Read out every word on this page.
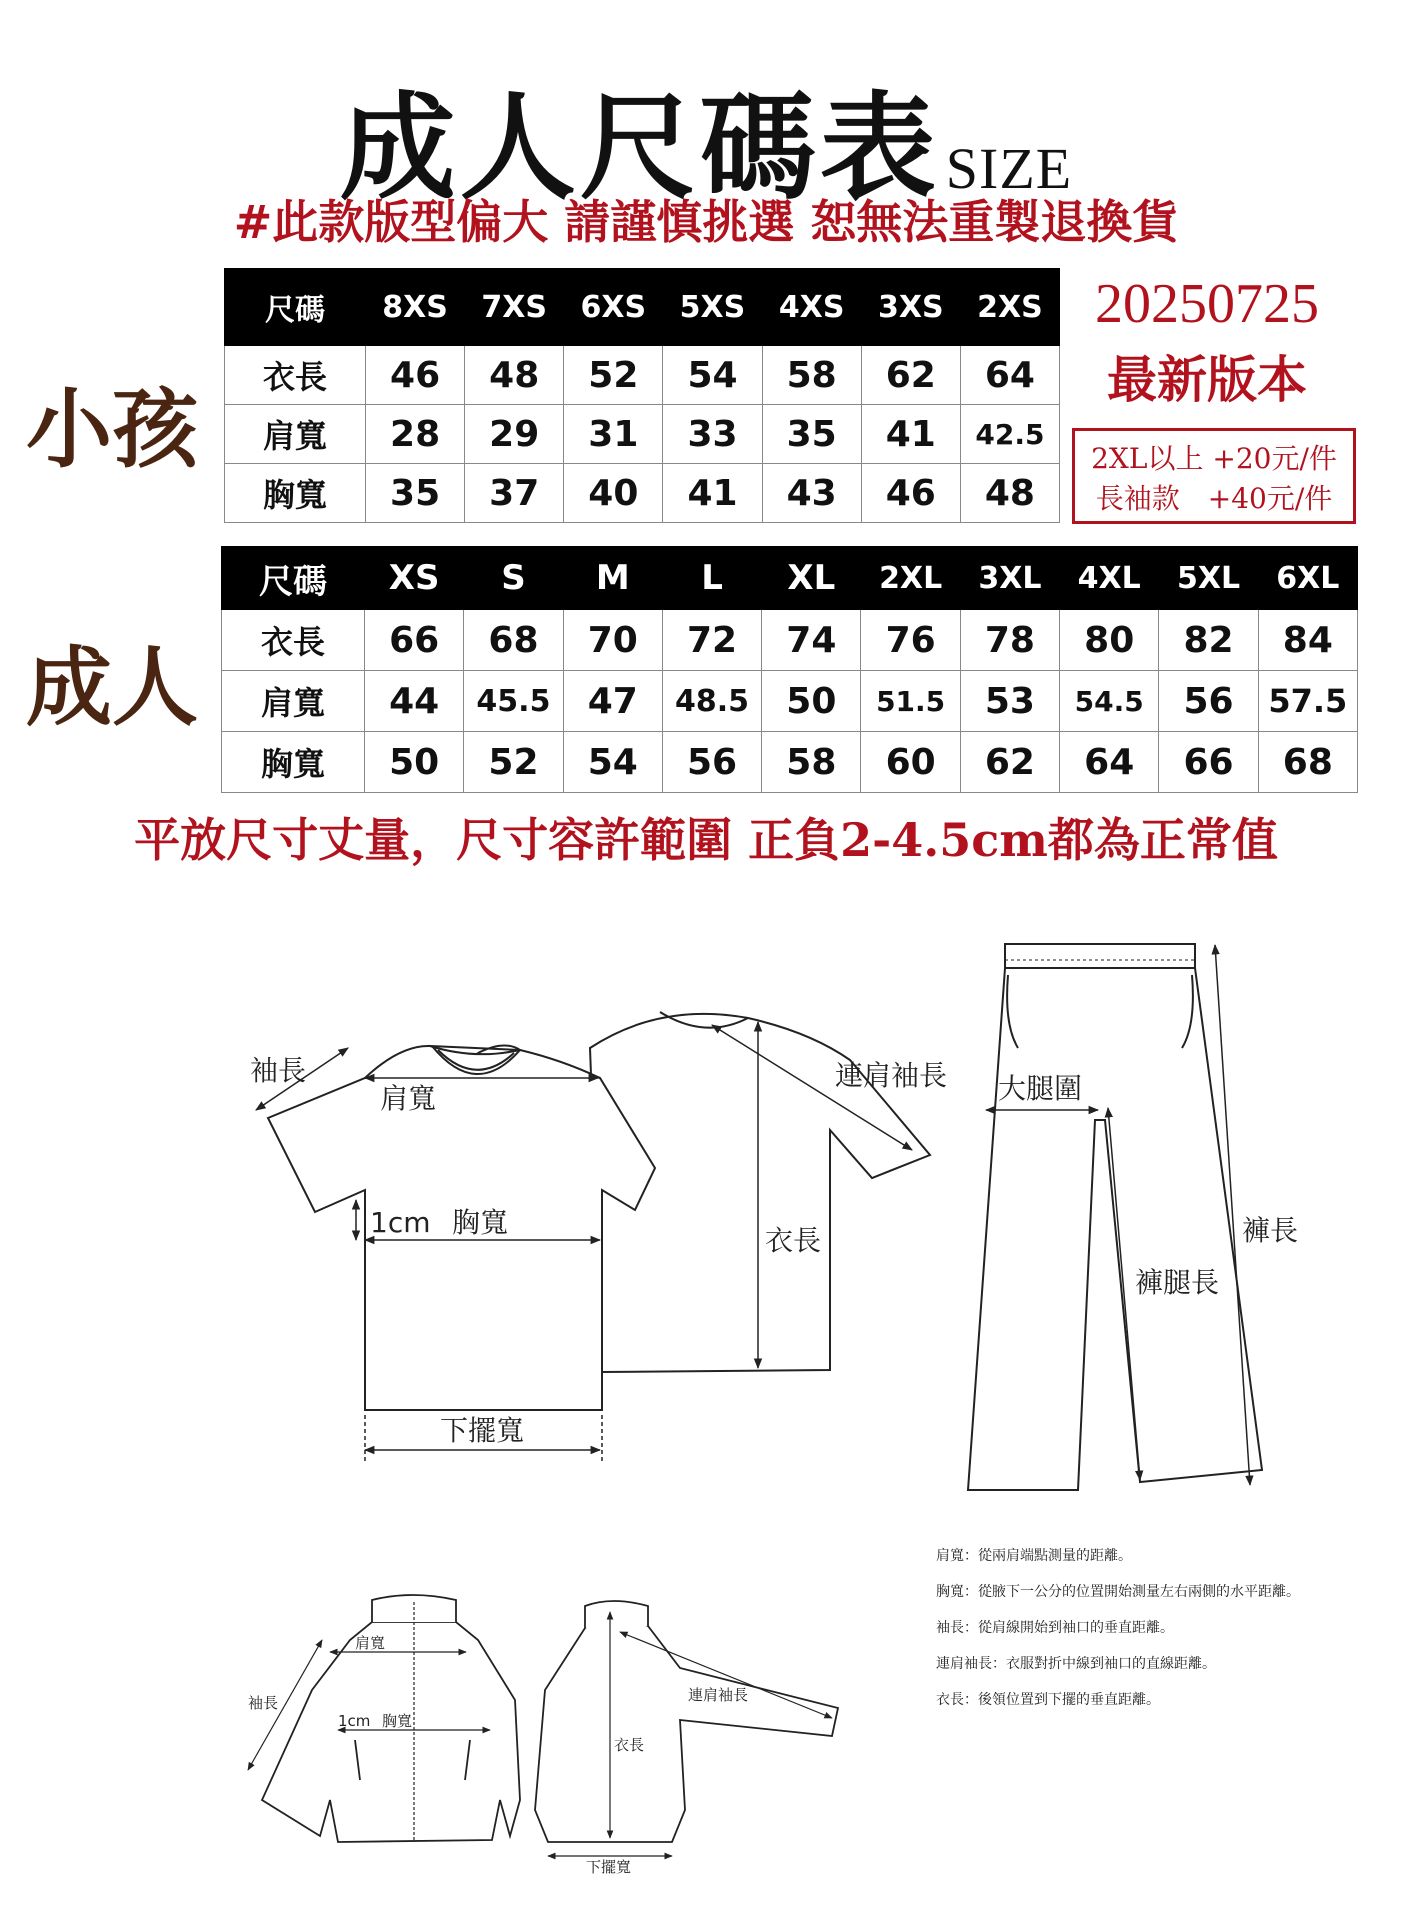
成人尺碼表 SIZE
#此款版型偏大 請謹慎挑選 恕無法重製退換貨
小孩
成人
20250725
最新版本
2XL以上 +20元/件
長袖款　+40元/件
尺碼	8XS	7XS	6XS	5XS	4XS	3XS	2XS
衣長	46	48	52	54	58	62	64
肩寬	28	29	31	33	35	41	42.5
胸寬	35	37	40	41	43	46	48
尺碼	XS	S	M	L	XL	2XL	3XL	4XL	5XL	6XL
衣長	66	68	70	72	74	76	78	80	82	84
肩寬	44	45.5	47	48.5	50	51.5	53	54.5	56	57.5
胸寬	50	52	54	56	58	60	62	64	66	68
平放尺寸丈量，尺寸容許範圍 正負2-4.5cm都為正常值
袖長
肩寬
1cm 胸寬
下擺寬
連肩袖長
衣長
大腿圍
褲長
褲腿長
肩寬
袖長
1cm 胸寬
連肩袖長
衣長
下擺寬
肩寬：從兩肩端點測量的距離。
胸寬：從腋下一公分的位置開始測量左右兩側的水平距離。
袖長：從肩線開始到袖口的垂直距離。
連肩袖長：衣服對折中線到袖口的直線距離。
衣長：後領位置到下擺的垂直距離。
